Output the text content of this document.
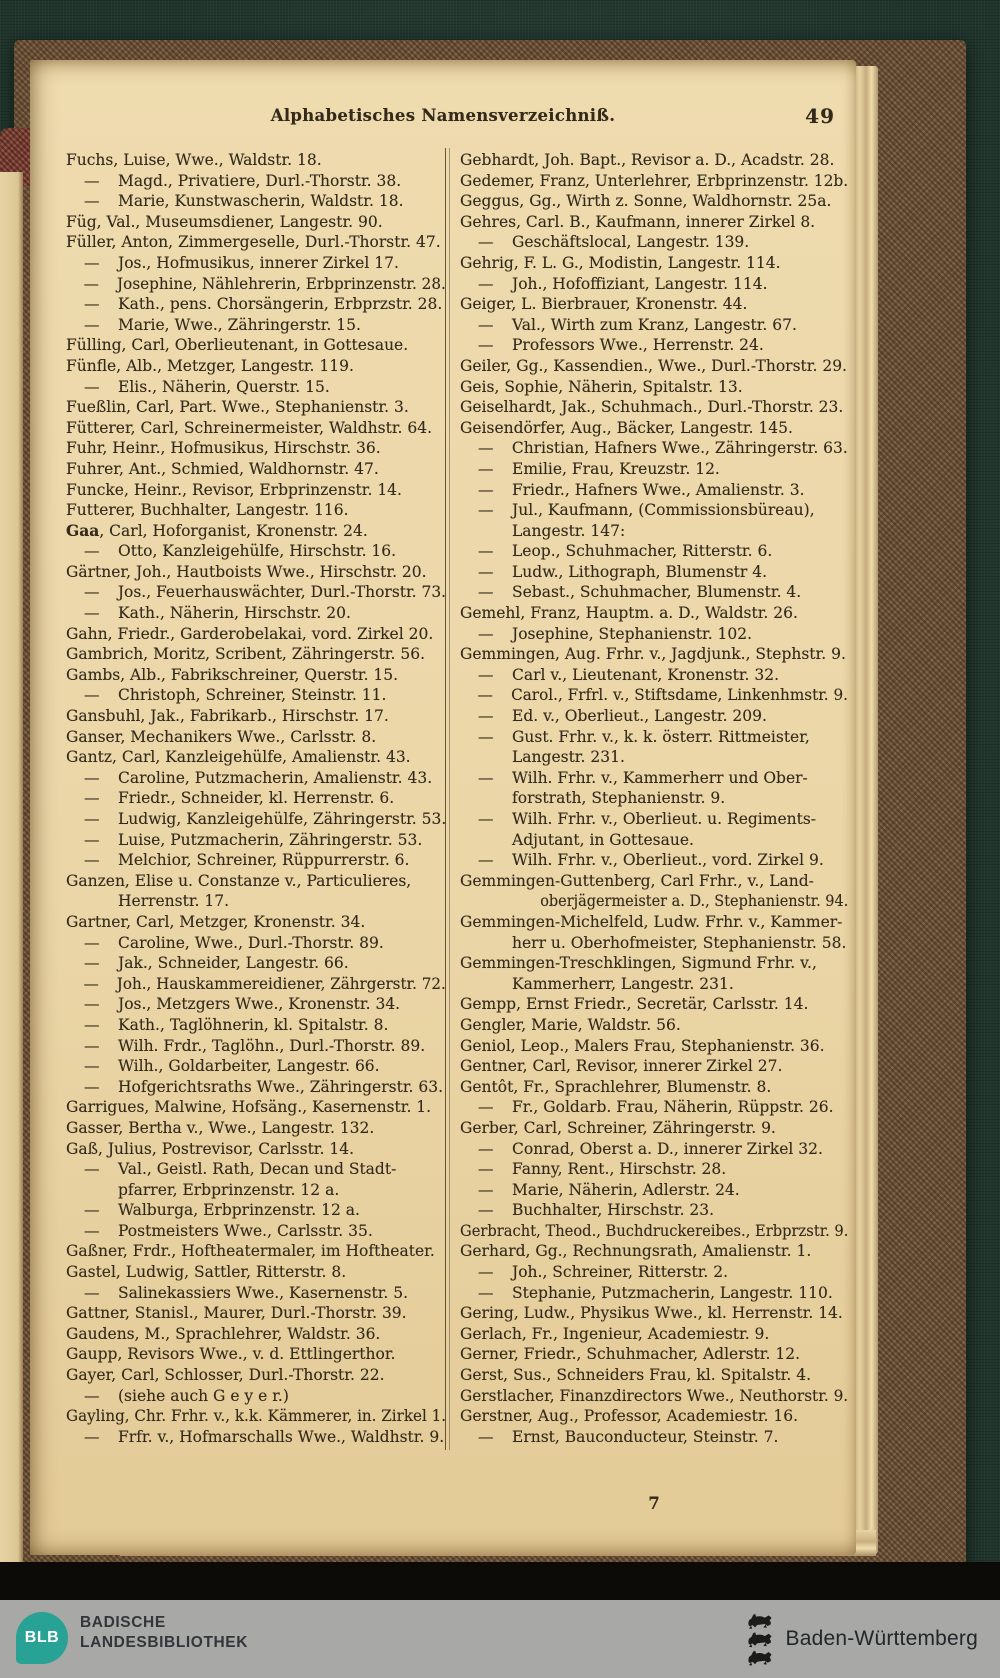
Alphabetisches Namensverzeichniß.	49
Fuchs, Luise, Wwe., Waldstr. 18.
— Magd., Privatiere, Durl.-Thorstr. 38.
— Marie, Kunstwascherin, Waldstr. 18.
Füg, Val., Museumsdiener, Langestr. 90.
Füller, Anton, Zimmergeselle, Durl.-Thorstr. 47.
— Jos., Hofmusikus, innerer Zirkel 17.
— Josephine, Nählehrerin, Erbprinzenstr. 28.
— Kath., pens. Chorsängerin, Erbprzstr. 28.
— Marie, Wwe., Zähringerstr. 15.
Fülling, Carl, Oberlieutenant, in Gottesaue.
Fünfle, Alb., Metzger, Langestr. 119.
— Elis., Näherin, Querstr. 15.
Fueßlin, Carl, Part. Wwe., Stephanienstr. 3.
Fütterer, Carl, Schreinermeister, Waldhstr. 64.
Fuhr, Heinr., Hofmusikus, Hirschstr. 36.
Fuhrer, Ant., Schmied, Waldhornstr. 47.
Funcke, Heinr., Revisor, Erbprinzenstr. 14.
Futterer, Buchhalter, Langestr. 116.
Gaa, Carl, Hoforganist, Kronenstr. 24.
— Otto, Kanzleigehülfe, Hirschstr. 16.
Gärtner, Joh., Hautboists Wwe., Hirschstr. 20.
— Jos., Feuerhauswächter, Durl.-Thorstr. 73.
— Kath., Näherin, Hirschstr. 20.
Gahn, Friedr., Garderobelakai, vord. Zirkel 20.
Gambrich, Moritz, Scribent, Zähringerstr. 56.
Gambs, Alb., Fabrikschreiner, Querstr. 15.
— Christoph, Schreiner, Steinstr. 11.
Gansbuhl, Jak., Fabrikarb., Hirschstr. 17.
Ganser, Mechanikers Wwe., Carlsstr. 8.
Gantz, Carl, Kanzleigehülfe, Amalienstr. 43.
— Caroline, Putzmacherin, Amalienstr. 43.
— Friedr., Schneider, kl. Herrenstr. 6.
— Ludwig, Kanzleigehülfe, Zähringerstr. 53.
— Luise, Putzmacherin, Zähringerstr. 53.
— Melchior, Schreiner, Rüppurrerstr. 6.
Ganzen, Elise u. Constanze v., Particulieres,
Herrenstr. 17.
Gartner, Carl, Metzger, Kronenstr. 34.
— Caroline, Wwe., Durl.-Thorstr. 89.
— Jak., Schneider, Langestr. 66.
— Joh., Hauskammereidiener, Zährgerstr. 72.
— Jos., Metzgers Wwe., Kronenstr. 34.
— Kath., Taglöhnerin, kl. Spitalstr. 8.
— Wilh. Frdr., Taglöhn., Durl.-Thorstr. 89.
— Wilh., Goldarbeiter, Langestr. 66.
— Hofgerichtsraths Wwe., Zähringerstr. 63.
Garrigues, Malwine, Hofsäng., Kasernenstr. 1.
Gasser, Bertha v., Wwe., Langestr. 132.
Gaß, Julius, Postrevisor, Carlsstr. 14.
— Val., Geistl. Rath, Decan und Stadt-
pfarrer, Erbprinzenstr. 12 a.
— Walburga, Erbprinzenstr. 12 a.
— Postmeisters Wwe., Carlsstr. 35.
Gaßner, Frdr., Hoftheatermaler, im Hoftheater.
Gastel, Ludwig, Sattler, Ritterstr. 8.
— Salinekassiers Wwe., Kasernenstr. 5.
Gattner, Stanisl., Maurer, Durl.-Thorstr. 39.
Gaudens, M., Sprachlehrer, Waldstr. 36.
Gaupp, Revisors Wwe., v. d. Ettlingerthor.
Gayer, Carl, Schlosser, Durl.-Thorstr. 22.
— (siehe auch G e y e r.)
Gayling, Chr. Frhr. v., k.k. Kämmerer, in. Zirkel 1.
— Frfr. v., Hofmarschalls Wwe., Waldhstr. 9.
Gebhardt, Joh. Bapt., Revisor a. D., Acadstr. 28.
Gedemer, Franz, Unterlehrer, Erbprinzenstr. 12b.
Geggus, Gg., Wirth z. Sonne, Waldhornstr. 25a.
Gehres, Carl. B., Kaufmann, innerer Zirkel 8.
— Geschäftslocal, Langestr. 139.
Gehrig, F. L. G., Modistin, Langestr. 114.
— Joh., Hofoffiziant, Langestr. 114.
Geiger, L. Bierbrauer, Kronenstr. 44.
— Val., Wirth zum Kranz, Langestr. 67.
— Professors Wwe., Herrenstr. 24.
Geiler, Gg., Kassendien., Wwe., Durl.-Thorstr. 29.
Geis, Sophie, Näherin, Spitalstr. 13.
Geiselhardt, Jak., Schuhmach., Durl.-Thorstr. 23.
Geisendörfer, Aug., Bäcker, Langestr. 145.
— Christian, Hafners Wwe., Zähringerstr. 63.
— Emilie, Frau, Kreuzstr. 12.
— Friedr., Hafners Wwe., Amalienstr. 3.
— Jul., Kaufmann, (Commissionsbüreau),
Langestr. 147:
— Leop., Schuhmacher, Ritterstr. 6.
— Ludw., Lithograph, Blumenstr 4.
— Sebast., Schuhmacher, Blumenstr. 4.
Gemehl, Franz, Hauptm. a. D., Waldstr. 26.
— Josephine, Stephanienstr. 102.
Gemmingen, Aug. Frhr. v., Jagdjunk., Stephstr. 9.
— Carl v., Lieutenant, Kronenstr. 32.
— Carol., Frfrl. v., Stiftsdame, Linkenhmstr. 9.
— Ed. v., Oberlieut., Langestr. 209.
— Gust. Frhr. v., k. k. österr. Rittmeister,
Langestr. 231.
— Wilh. Frhr. v., Kammerherr und Ober-
forstrath, Stephanienstr. 9.
— Wilh. Frhr. v., Oberlieut. u. Regiments-
Adjutant, in Gottesaue.
— Wilh. Frhr. v., Oberlieut., vord. Zirkel 9.
Gemmingen-Guttenberg, Carl Frhr., v., Land-
oberjägermeister a. D., Stephanienstr. 94.
Gemmingen-Michelfeld, Ludw. Frhr. v., Kammer-
herr u. Oberhofmeister, Stephanienstr. 58.
Gemmingen-Treschklingen, Sigmund Frhr. v.,
Kammerherr, Langestr. 231.
Gempp, Ernst Friedr., Secretär, Carlsstr. 14.
Gengler, Marie, Waldstr. 56.
Geniol, Leop., Malers Frau, Stephanienstr. 36.
Gentner, Carl, Revisor, innerer Zirkel 27.
Gentôt, Fr., Sprachlehrer, Blumenstr. 8.
— Fr., Goldarb. Frau, Näherin, Rüppstr. 26.
Gerber, Carl, Schreiner, Zähringerstr. 9.
— Conrad, Oberst a. D., innerer Zirkel 32.
— Fanny, Rent., Hirschstr. 28.
— Marie, Näherin, Adlerstr. 24.
— Buchhalter, Hirschstr. 23.
Gerbracht, Theod., Buchdruckereibes., Erbprzstr. 9.
Gerhard, Gg., Rechnungsrath, Amalienstr. 1.
— Joh., Schreiner, Ritterstr. 2.
— Stephanie, Putzmacherin, Langestr. 110.
Gering, Ludw., Physikus Wwe., kl. Herrenstr. 14.
Gerlach, Fr., Ingenieur, Academiestr. 9.
Gerner, Friedr., Schuhmacher, Adlerstr. 12.
Gerst, Sus., Schneiders Frau, kl. Spitalstr. 4.
Gerstlacher, Finanzdirectors Wwe., Neuthorstr. 9.
Gerstner, Aug., Professor, Academiestr. 16.
— Ernst, Bauconducteur, Steinstr. 7.
7
BLB
BADISCHE
LANDESBIBLIOTHEK	Baden-Württemberg
